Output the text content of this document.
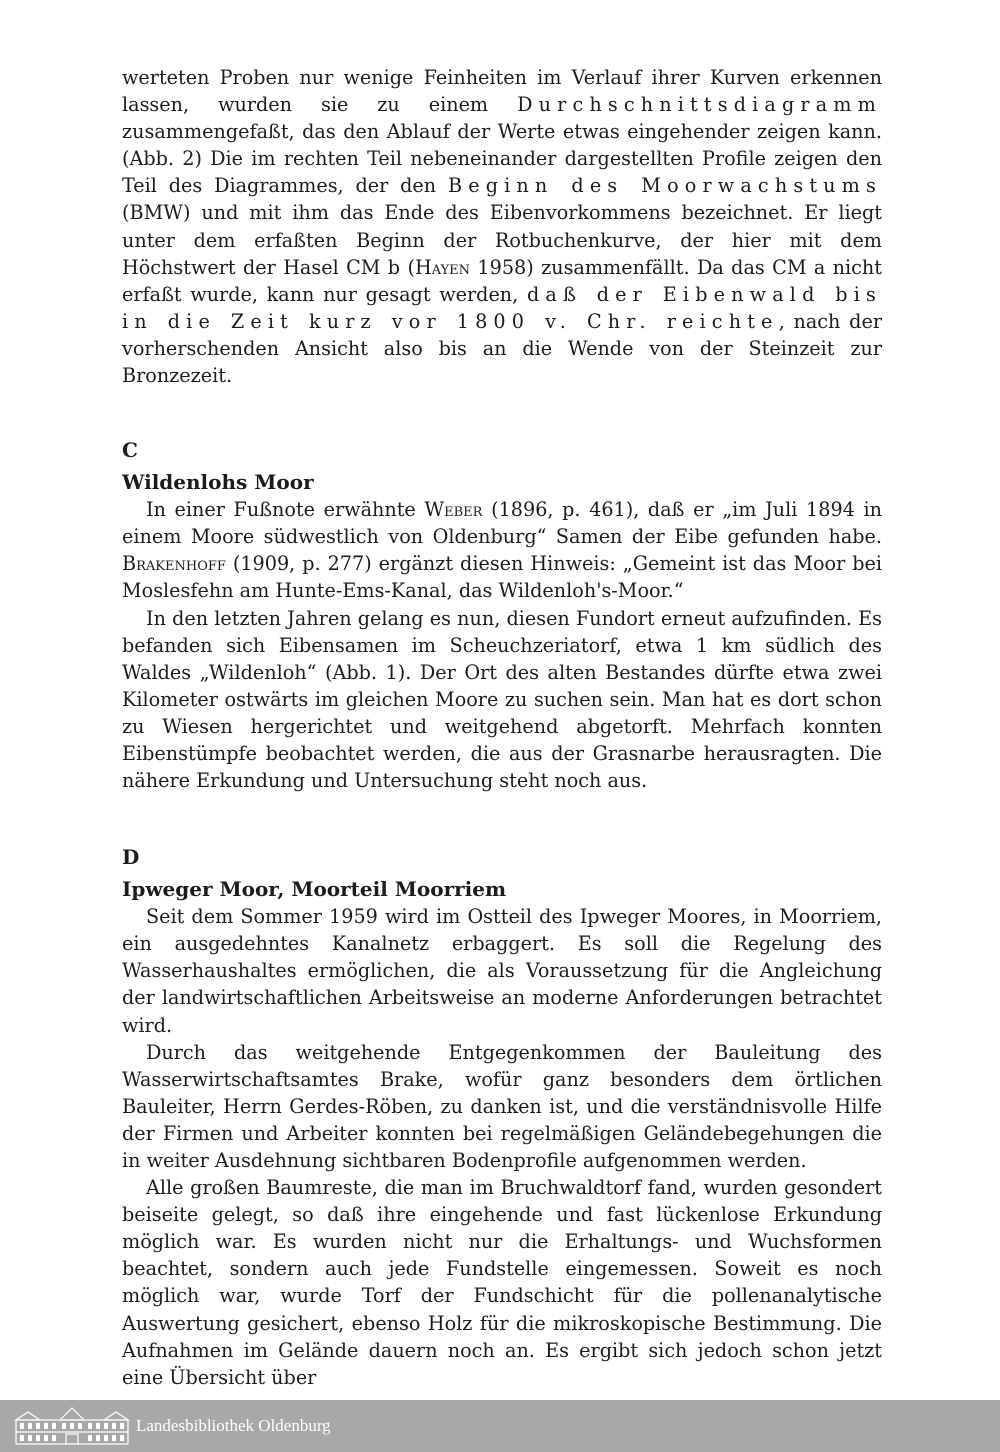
werteten Proben nur wenige Feinheiten im Verlauf ihrer Kurven erkennen lassen, wurden sie zu einem Durchschnittsdiagramm zusammengefaßt, das den Ablauf der Werte etwas eingehender zeigen kann. (Abb. 2) Die im rechten Teil nebeneinander dargestellten Profile zeigen den Teil des Diagrammes, der den Beginn des Moorwachstums (BMW) und mit ihm das Ende des Eibenvorkommens bezeichnet. Er liegt unter dem erfaßten Beginn der Rotbuchenkurve, der hier mit dem Höchstwert der Hasel CM b (Hayen 1958) zusammenfällt. Da das CM a nicht erfaßt wurde, kann nur gesagt werden, daß der Eibenwald bis in die Zeit kurz vor 1800 v. Chr. reichte, nach der vorherschenden Ansicht also bis an die Wende von der Steinzeit zur Bronzezeit.

C
Wildenlohs Moor

In einer Fußnote erwähnte Weber (1896, p. 461), daß er „im Juli 1894 in einem Moore südwestlich von Oldenburg“ Samen der Eibe gefunden habe. Brakenhoff (1909, p. 277) ergänzt diesen Hinweis: „Gemeint ist das Moor bei Moslesfehn am Hunte-Ems-Kanal, das Wildenloh's-Moor.“

In den letzten Jahren gelang es nun, diesen Fundort erneut aufzufinden. Es befanden sich Eibensamen im Scheuchzeriatorf, etwa 1 km südlich des Waldes „Wildenloh“ (Abb. 1). Der Ort des alten Bestandes dürfte etwa zwei Kilometer ostwärts im gleichen Moore zu suchen sein. Man hat es dort schon zu Wiesen hergerichtet und weitgehend abgetorft. Mehrfach konnten Eibenstümpfe beobachtet werden, die aus der Grasnarbe herausragten. Die nähere Erkundung und Untersuchung steht noch aus.

D
Ipweger Moor, Moorteil Moorriem

Seit dem Sommer 1959 wird im Ostteil des Ipweger Moores, in Moorriem, ein ausgedehntes Kanalnetz erbaggert. Es soll die Regelung des Wasserhaushaltes ermöglichen, die als Voraussetzung für die Angleichung der landwirtschaftlichen Arbeitsweise an moderne Anforderungen betrachtet wird.

Durch das weitgehende Entgegenkommen der Bauleitung des Wasserwirtschaftsamtes Brake, wofür ganz besonders dem örtlichen Bauleiter, Herrn Gerdes-Röben, zu danken ist, und die verständnisvolle Hilfe der Firmen und Arbeiter konnten bei regelmäßigen Geländebegehungen die in weiter Ausdehnung sichtbaren Bodenprofile aufgenommen werden.

Alle großen Baumreste, die man im Bruchwaldtorf fand, wurden gesondert beiseite gelegt, so daß ihre eingehende und fast lückenlose Erkundung möglich war. Es wurden nicht nur die Erhaltungs- und Wuchsformen beachtet, sondern auch jede Fundstelle eingemessen. Soweit es noch möglich war, wurde Torf der Fundschicht für die pollenanalytische Auswertung gesichert, ebenso Holz für die mikroskopische Bestimmung. Die Aufnahmen im Gelände dauern noch an. Es ergibt sich jedoch schon jetzt eine Übersicht über

Landesbibliothek Oldenburg
